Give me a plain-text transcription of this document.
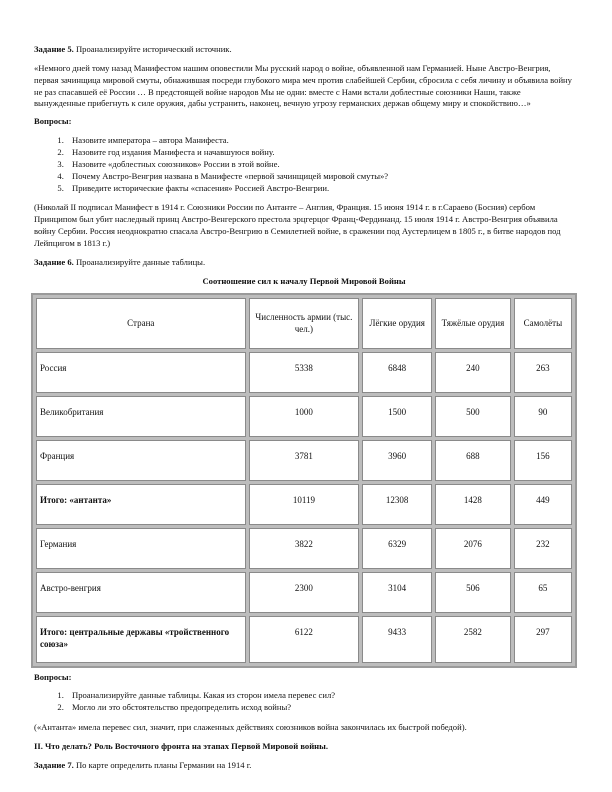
Задание 5. Проанализируйте исторический источник.

«Немного дней тому назад Манифестом нашим оповестили Мы русский народ о войне, объявленной нам Германией. Ныне Австро-Венгрия, первая зачинщица мировой смуты, обнажившая посреди глубокого мира меч против слабейшей Сербии, сбросила с себя личину и объявила войну не раз спасавшей её России … В предстоящей войне народов Мы не одни: вместе с Нами встали доблестные союзники Наши, также вынужденные прибегнуть к силе оружия, дабы устранить, наконец, вечную угрозу германских держав общему миру и спокойствию…»

Вопросы:

1. Назовите императора – автора Манифеста.
2. Назовите год издания Манифеста и начавшуюся войну.
3. Назовите «доблестных союзников» России в этой войне.
4. Почему Австро-Венгрия названа в Манифесте «первой зачинщицей мировой смуты»?
5. Приведите исторические факты «спасения» Россией Австро-Венгрии.

(Николай II подписал Манифест в 1914 г. Союзники России по Антанте – Англия, Франция. 15 июня 1914 г. в г.Сараево (Босния) сербом Принципом был убит наследный принц Австро-Венгерского престола эрцгерцог Франц-Фердинанд. 15 июля 1914 г. Австро-Венгрия объявила войну Сербии. Россия неоднократно спасала Австро-Венгрию в Семилетней войне, в сражении под Аустерлицем в 1805 г., в битве народов под Лейпцигом в 1813 г.)

Задание 6. Проанализируйте данные таблицы.

Соотношение сил к началу Первой Мировой Войны

Страна	Численность армии (тыс. чел.)	Лёгкие орудия	Тяжёлые орудия	Самолёты
Россия	5338	6848	240	263
Великобритания	1000	1500	500	90
Франция	3781	3960	688	156
Итого: «антанта»	10119	12308	1428	449
Германия	3822	6329	2076	232
Австро-венгрия	2300	3104	506	65
Итого: центральные державы «тройственного союза»	6122	9433	2582	297

Вопросы:

1. Проанализируйте данные таблицы. Какая из сторон имела перевес сил?
2. Могло ли это обстоятельство предопределить исход войны?

(«Антанта» имела перевес сил, значит, при слаженных действиях союзников война закончилась их быстрой победой).

II. Что делать? Роль Восточного фронта на этапах Первой Мировой войны.

Задание 7. По карте определить планы Германии на 1914 г.
